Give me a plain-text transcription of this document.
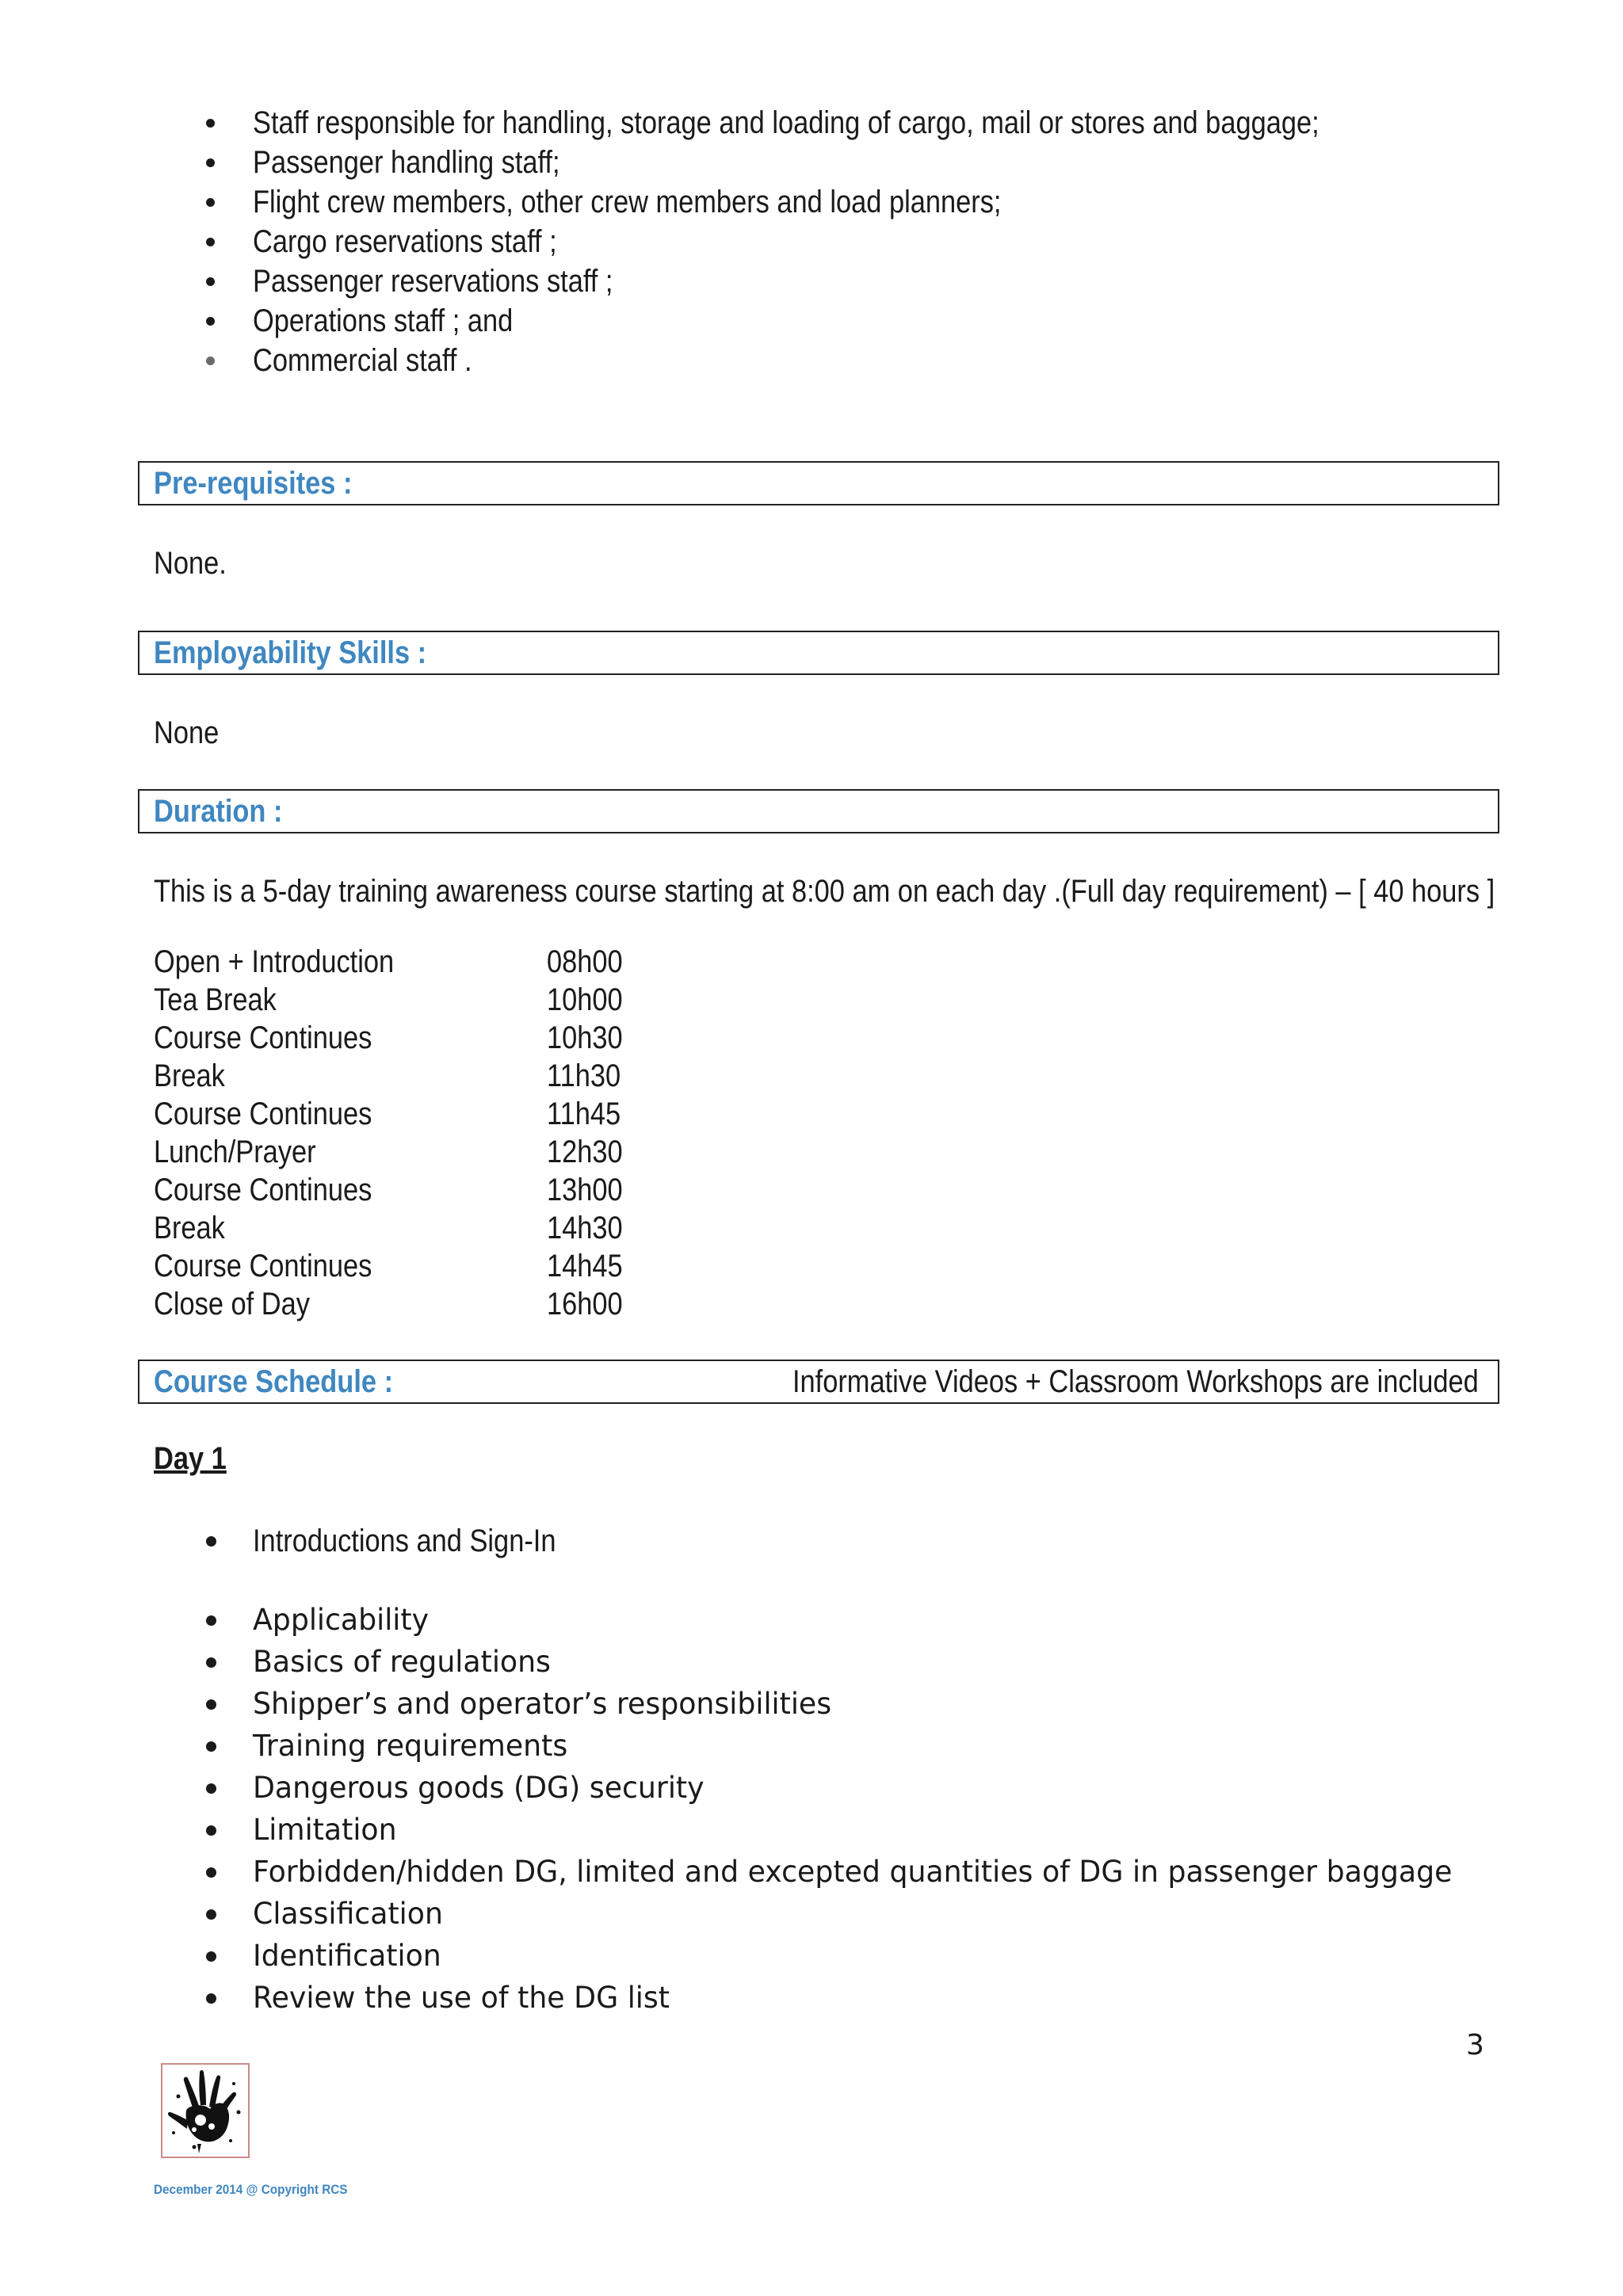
Staff responsible for handling, storage and loading of cargo, mail or stores and baggage;
Passenger handling staff;
Flight crew members, other crew members and load planners;
Cargo reservations staff ;
Passenger reservations staff ;
Operations staff ; and
Commercial staff .
Pre-requisites :
None.
Employability Skills :
None
Duration :
This is a 5-day training awareness course starting at 8:00 am on each day .(Full day requirement) – [ 40 hours ]
Open + Introduction	08h00
Tea Break	10h00
Course Continues	10h30
Break	11h30
Course Continues	11h45
Lunch/Prayer	12h30
Course Continues	13h00
Break	14h30
Course Continues	14h45
Close of Day	16h00
Course Schedule :	Informative Videos + Classroom Workshops are included
Day 1
Introductions and Sign-In
Applicability
Basics of regulations
Shipper’s and operator’s responsibilities
Training requirements
Dangerous goods (DG) security
Limitation
Forbidden/hidden DG, limited and excepted quantities of DG in passenger baggage
Classification
Identification
Review the use of the DG list
3
December 2014 @ Copyright RCS
